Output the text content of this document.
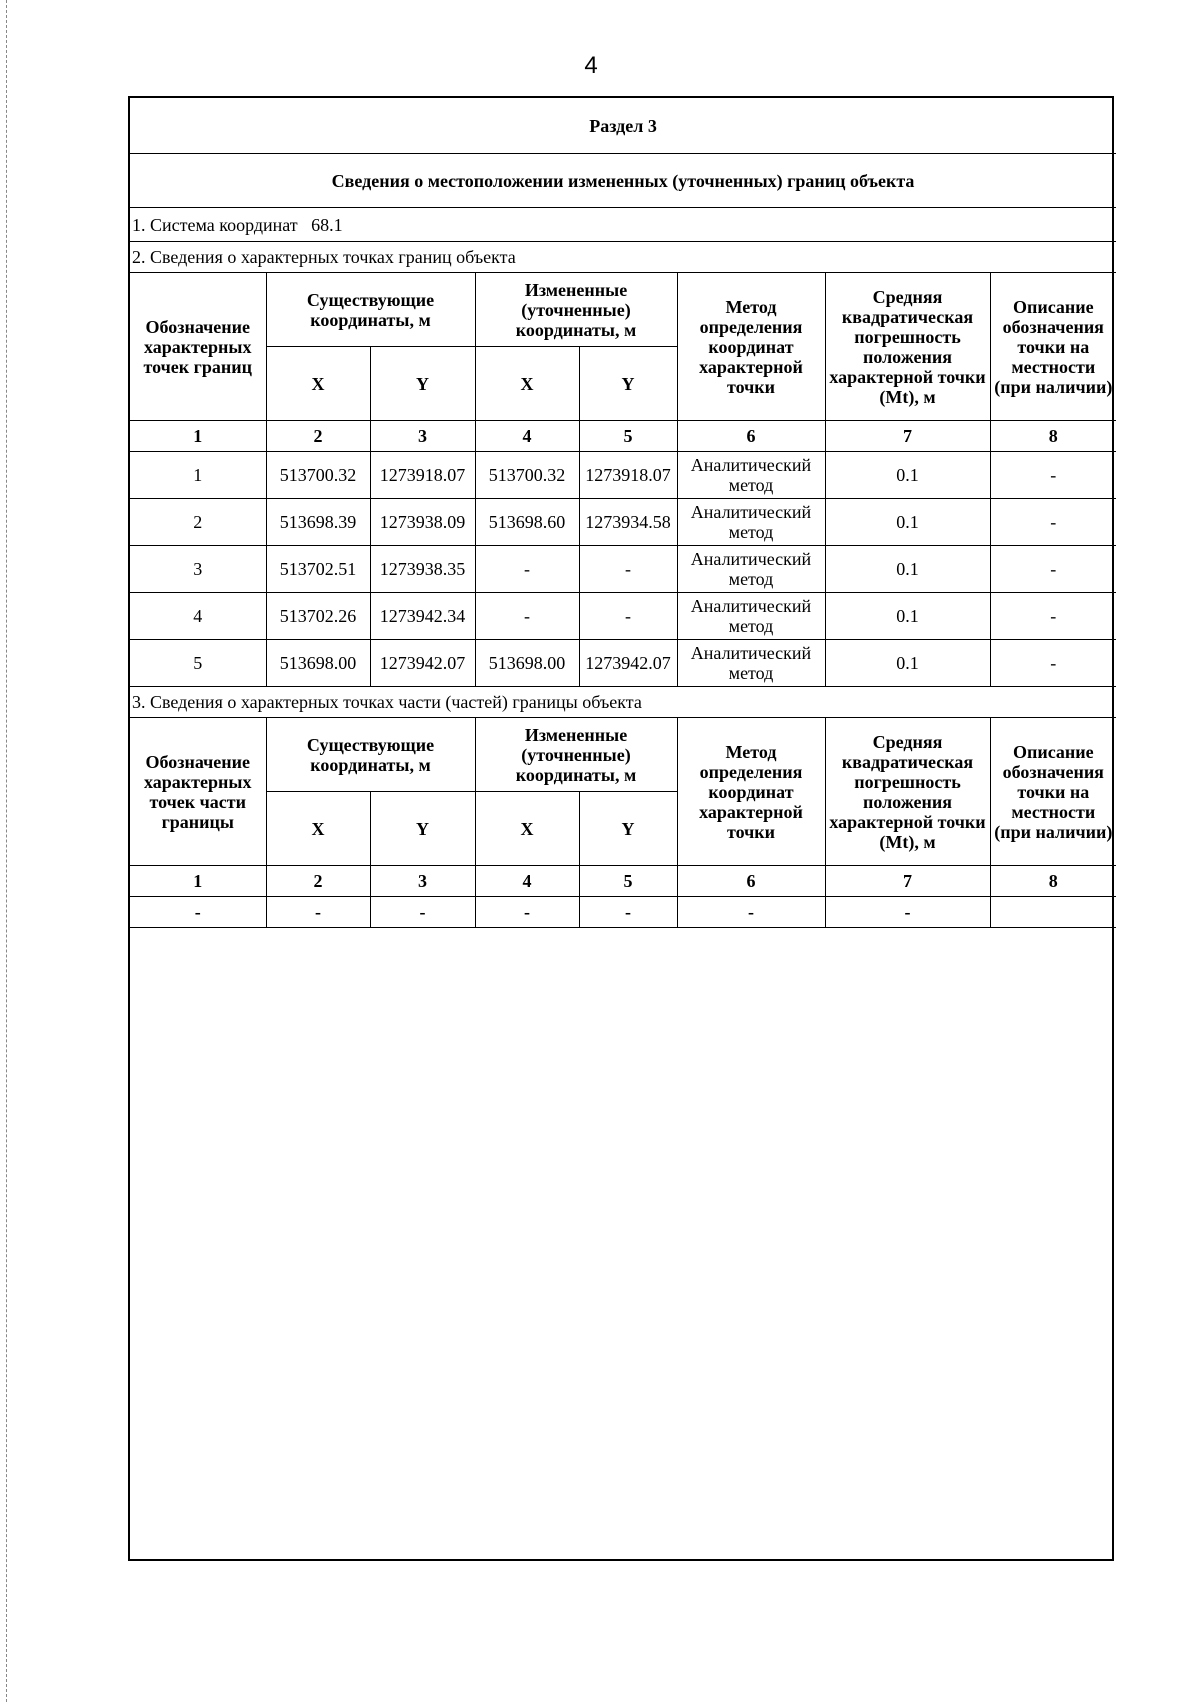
4
Раздел 3							
Сведения о местоположении измененных (уточненных) границ объекта							
1. Система координат 68.1							
2. Сведения о характерных точках границ объекта							
Обозначение характерных точек границ	Существующие координаты, м		Измененные (уточненные) координаты, м		Метод определения координат характерной точки	Средняя квадратическая погрешность положения характерной точки (Mt), м	Описание обозначения точки на местности (при наличии)
	X	Y	X	Y			
1	2	3	4	5	6	7	8
1	513700.32	1273918.07	513700.32	1273918.07	Аналитический метод	0.1	-
2	513698.39	1273938.09	513698.60	1273934.58	Аналитический метод	0.1	-
3	513702.51	1273938.35	-	-	Аналитический метод	0.1	-
4	513702.26	1273942.34	-	-	Аналитический метод	0.1	-
5	513698.00	1273942.07	513698.00	1273942.07	Аналитический метод	0.1	-
3. Сведения о характерных точках части (частей) границы объекта							
Обозначение характерных точек части границы	Существующие координаты, м		Измененные (уточненные) координаты, м		Метод определения координат характерной точки	Средняя квадратическая погрешность положения характерной точки (Mt), м	Описание обозначения точки на местности (при наличии)
	X	Y	X	Y			
1	2	3	4	5	6	7	8
-	-	-	-	-	-	-	
